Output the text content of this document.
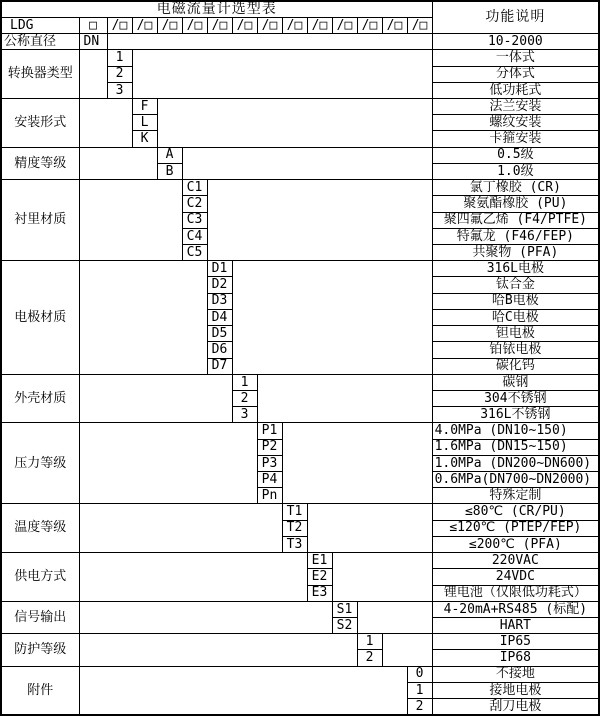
电磁流量计选型表															功能说明
LDG	□	/□	/□	/□	/□	/□	/□	/□	/□	/□	/□	/□	/□	/□	
公称直径	DN														10-2000
转换器类型		1													一体式
		2													分体式
		3													低功耗式
安装形式			F												法兰安装
			L												螺纹安装
			K												卡箍安装
精度等级				A											0.5级
				B											1.0级
衬里材质					C1										氯丁橡胶 (CR)
					C2										聚氨酯橡胶 (PU)
					C3										聚四氟乙烯 (F4/PTFE)
					C4										特氟龙 (F46/FEP)
					C5										共聚物 (PFA)
电极材质						D1									316L电极
						D2									钛合金
						D3									哈B电极
						D4									哈C电极
						D5									钽电极
						D6									铂铱电极
						D7									碳化钨
外壳材质							1								碳钢
							2								304不锈钢
							3								316L不锈钢
压力等级								P1							4.0MPa (DN10~150)
								P2							1.6MPa (DN15~150)
								P3							1.0MPa (DN200~DN600)
								P4							0.6MPa(DN700~DN2000)
								Pn							特殊定制
温度等级									T1						≤80℃ (CR/PU)
									T2						≤120℃ (PTEP/FEP)
									T3						≤200℃ (PFA)
供电方式										E1					220VAC
										E2					24VDC
										E3					锂电池（仅限低功耗式）
信号输出											S1				4-20mA+RS485 (标配)
											S2				HART
防护等级												1			IP65
												2			IP68
附件														0	不接地
														1	接地电极
														2	刮刀电极
